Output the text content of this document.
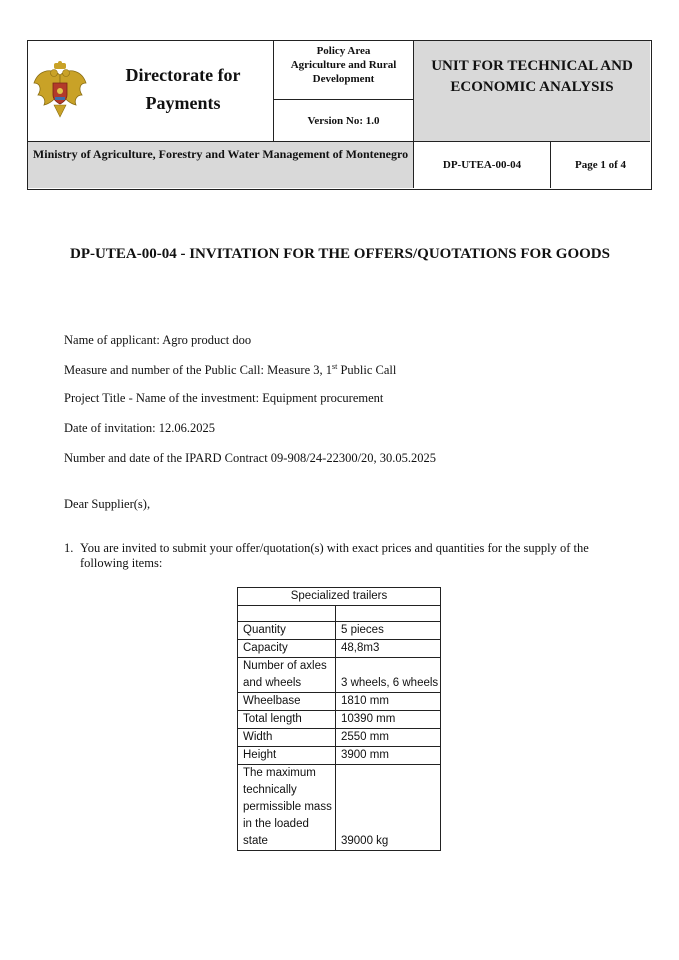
Directorate for Payments
Policy Area
Agriculture and Rural Development
Version No: 1.0
UNIT FOR TECHNICAL AND ECONOMIC ANALYSIS
Ministry of Agriculture, Forestry and Water Management of Montenegro
DP-UTEA-00-04	Page 1 of 4
DP-UTEA-00-04 - INVITATION FOR THE OFFERS/QUOTATIONS FOR GOODS
Name of applicant: Agro product doo
Measure and number of the Public Call: Measure 3, 1st Public Call
Project Title - Name of the investment: Equipment procurement
Date of invitation: 12.06.2025
Number and date of the IPARD Contract 09-908/24-22300/20, 30.05.2025
Dear Supplier(s),
1. You are invited to submit your offer/quotation(s) with exact prices and quantities for the supply of the following items:
Specialized trailers	

Quantity	5 pieces
Capacity	48,8m3
Number of axles and wheels	3 wheels, 6 wheels
Wheelbase	1810 mm
Total length	10390 mm
Width	2550 mm
Height	3900 mm
The maximum technically permissible mass in the loaded state	39000 kg
